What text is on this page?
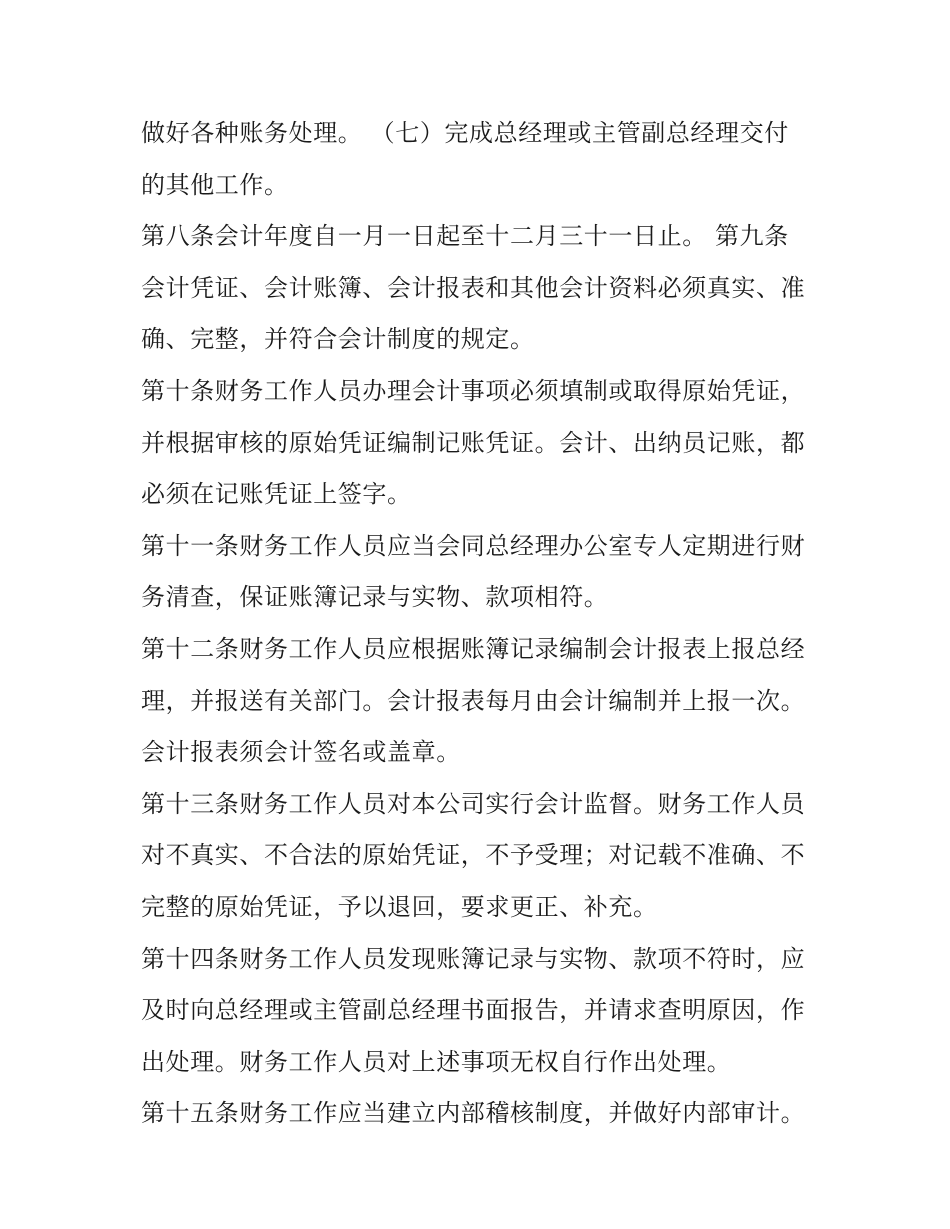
做好各种账务处理。 （七）完成总经理或主管副总经理交付
的其他工作。
第八条会计年度自一月一日起至十二月三十一日止。 第九条
会计凭证、会计账簿、会计报表和其他会计资料必须真实、准
确、完整，并符合会计制度的规定。
第十条财务工作人员办理会计事项必须填制或取得原始凭证，
并根据审核的原始凭证编制记账凭证。会计、出纳员记账，都
必须在记账凭证上签字。
第十一条财务工作人员应当会同总经理办公室专人定期进行财
务清查，保证账簿记录与实物、款项相符。
第十二条财务工作人员应根据账簿记录编制会计报表上报总经
理，并报送有关部门。会计报表每月由会计编制并上报一次。
会计报表须会计签名或盖章。
第十三条财务工作人员对本公司实行会计监督。财务工作人员
对不真实、不合法的原始凭证，不予受理；对记载不准确、不
完整的原始凭证，予以退回，要求更正、补充。
第十四条财务工作人员发现账簿记录与实物、款项不符时，应
及时向总经理或主管副总经理书面报告，并请求查明原因，作
出处理。财务工作人员对上述事项无权自行作出处理。
第十五条财务工作应当建立内部稽核制度，并做好内部审计。
